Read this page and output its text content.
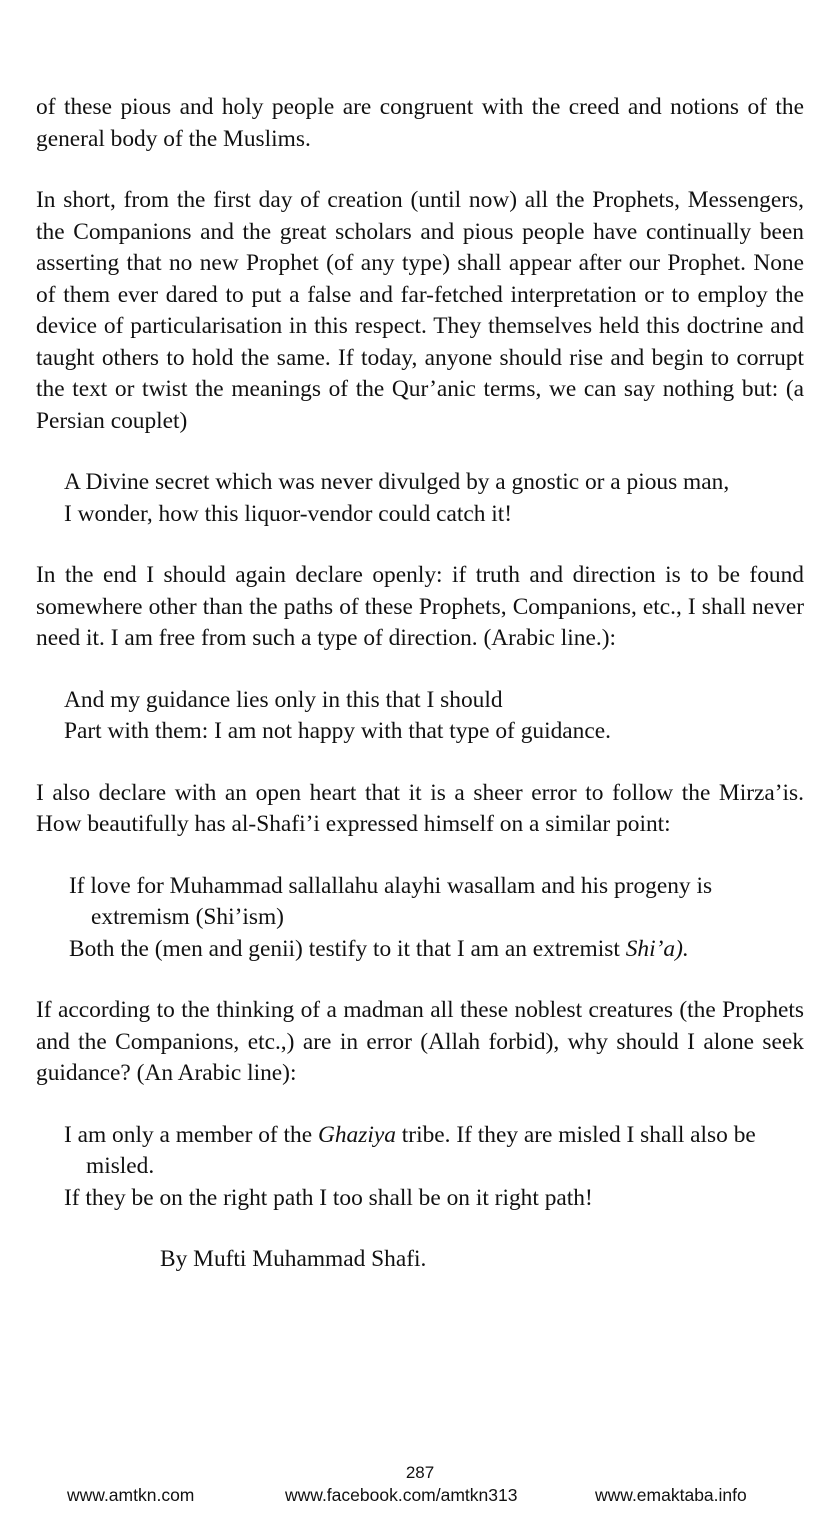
of these pious and holy people are congruent with the creed and notions of the general body of the Muslims.

In short, from the first day of creation (until now) all the Prophets, Messengers, the Companions and the great scholars and pious people have continually been asserting that no new Prophet (of any type) shall appear after our Prophet. None of them ever dared to put a false and far-fetched interpretation or to employ the device of particularisation in this respect. They themselves held this doctrine and taught others to hold the same. If today, anyone should rise and begin to corrupt the text or twist the meanings of the Qur’anic terms, we can say nothing but: (a Persian couplet)

A Divine secret which was never divulged by a gnostic or a pious man,
I wonder, how this liquor-vendor could catch it!

In the end I should again declare openly: if truth and direction is to be found somewhere other than the paths of these Prophets, Companions, etc., I shall never need it. I am free from such a type of direction. (Arabic line.):

And my guidance lies only in this that I should
Part with them: I am not happy with that type of guidance.

I also declare with an open heart that it is a sheer error to follow the Mirza’is. How beautifully has al-Shafi’i expressed himself on a similar point:

If love for Muhammad sallallahu alayhi wasallam and his progeny is extremism (Shi’ism)
Both the (men and genii) testify to it that I am an extremist Shi’a).

If according to the thinking of a madman all these noblest creatures (the Prophets and the Companions, etc.,) are in error (Allah forbid), why should I alone seek guidance? (An Arabic line):

I am only a member of the Ghaziya tribe. If they are misled I shall also be misled.
If they be on the right path I too shall be on it right path!

By Mufti Muhammad Shafi.

287

www.amtkn.com	www.facebook.com/amtkn313	www.emaktaba.info
